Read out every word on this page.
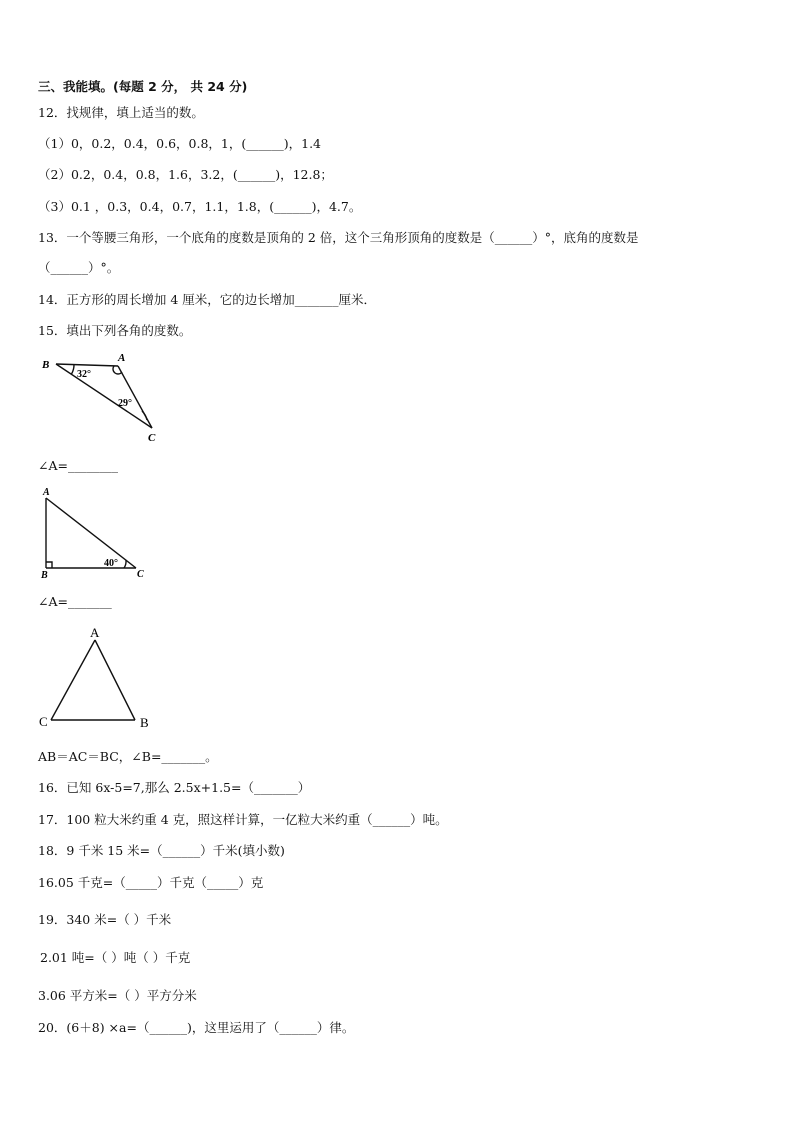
三、我能填。(每题 2 分， 共 24 分)
12．找规律，填上适当的数。
（1）0，0.2，0.4，0.6，0.8，1，(______)，1.4
（2）0.2，0.4，0.8，1.6，3.2，(______)，12.8；
（3）0.1 ，0.3，0.4，0.7，1.1，1.8，(______)，4.7。
13．一个等腰三角形，一个底角的度数是顶角的 2 倍，这个三角形顶角的度数是（______）°，底角的度数是
（______）°。
14．正方形的周长增加 4 厘米，它的边长增加_______厘米．
15．填出下列各角的度数。
B
A
C
32°
29°
∠A=________
A
B	C
40°
∠A=_______
A
C	B
AB＝AC＝BC，∠B=_______。
16．已知 6x-5=7,那么 2.5x+1.5=（_______）
17．100 粒大米约重 4 克，照这样计算，一亿粒大米约重（______）吨。
18．9 千米 15 米=（______）千米(填小数)
16.05 千克=（_____）千克（_____）克
19．340 米=（ ）千米
2.01 吨=（ ）吨（ ）千克
3.06 平方米=（ ）平方分米
20．(6＋8) ×a=（______)，这里运用了（______）律。
